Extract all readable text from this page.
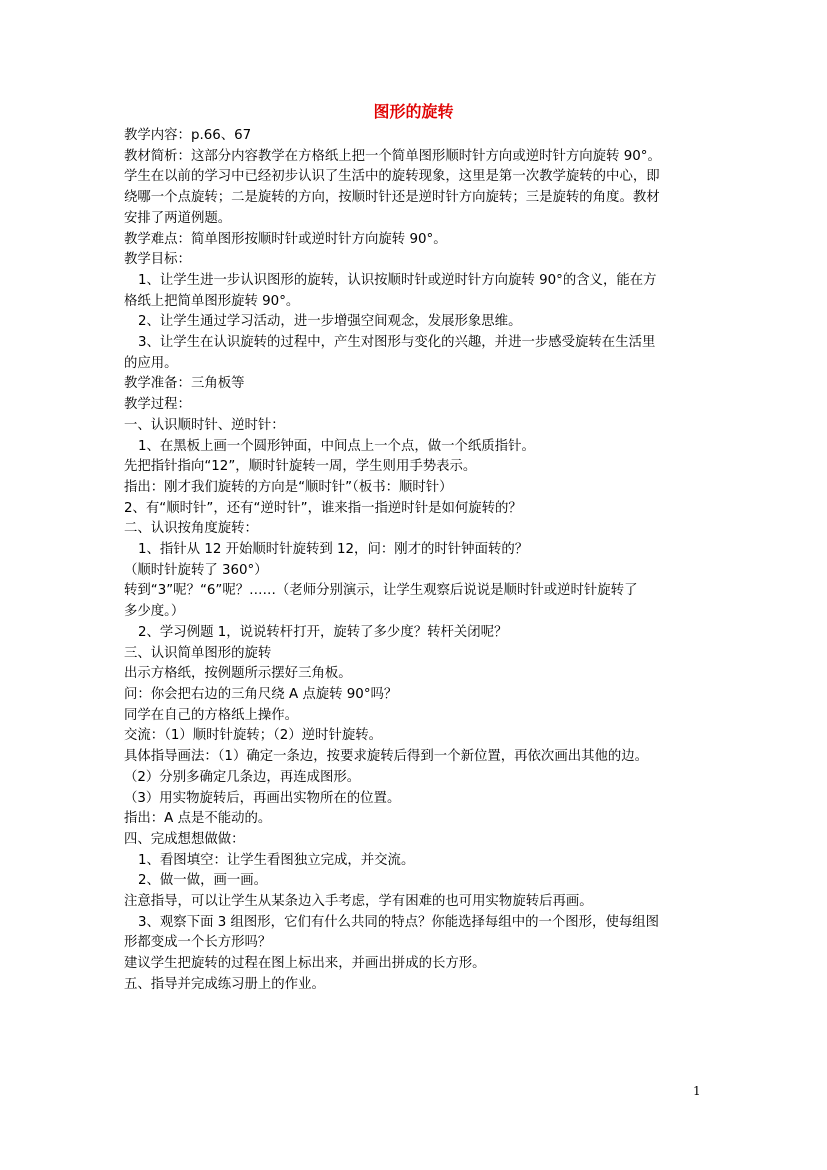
图形的旋转

教学内容：p.66、67

教材简析：这部分内容教学在方格纸上把一个简单图形顺时针方向或逆时针方向旋转 90°。

学生在以前的学习中已经初步认识了生活中的旋转现象，这里是第一次教学旋转的中心，即

绕哪一个点旋转；二是旋转的方向，按顺时针还是逆时针方向旋转；三是旋转的角度。教材

安排了两道例题。

教学难点：简单图形按顺时针或逆时针方向旋转 90°。

教学目标：

1、让学生进一步认识图形的旋转，认识按顺时针或逆时针方向旋转 90°的含义，能在方

格纸上把简单图形旋转 90°。

2、让学生通过学习活动，进一步增强空间观念，发展形象思维。

3、让学生在认识旋转的过程中，产生对图形与变化的兴趣，并进一步感受旋转在生活里

的应用。

教学准备：三角板等

教学过程：

一、认识顺时针、逆时针：

1、在黑板上画一个圆形钟面，中间点上一个点，做一个纸质指针。

先把指针指向“12”，顺时针旋转一周，学生则用手势表示。

指出：刚才我们旋转的方向是“顺时针”（板书：顺时针）

2、有“顺时针”，还有“逆时针”，谁来指一指逆时针是如何旋转的？

二、认识按角度旋转：

1、指针从 12 开始顺时针旋转到 12，问：刚才的时针钟面转的？

（顺时针旋转了 360°）

转到“3”呢？“6”呢？……（老师分别演示，让学生观察后说说是顺时针或逆时针旋转了

多少度。）

2、学习例题 1，说说转杆打开，旋转了多少度？转杆关闭呢？

三、认识简单图形的旋转

出示方格纸，按例题所示摆好三角板。

问：你会把右边的三角尺绕 A 点旋转 90°吗？

同学在自己的方格纸上操作。

交流：（1）顺时针旋转；（2）逆时针旋转。

具体指导画法：（1）确定一条边，按要求旋转后得到一个新位置，再依次画出其他的边。

（2）分别多确定几条边，再连成图形。

（3）用实物旋转后，再画出实物所在的位置。

指出：A 点是不能动的。

四、完成想想做做：

1、看图填空：让学生看图独立完成，并交流。

2、做一做，画一画。

注意指导，可以让学生从某条边入手考虑，学有困难的也可用实物旋转后再画。

3、观察下面 3 组图形，它们有什么共同的特点？你能选择每组中的一个图形，使每组图

形都变成一个长方形吗？

建议学生把旋转的过程在图上标出来，并画出拼成的长方形。

五、指导并完成练习册上的作业。

1
